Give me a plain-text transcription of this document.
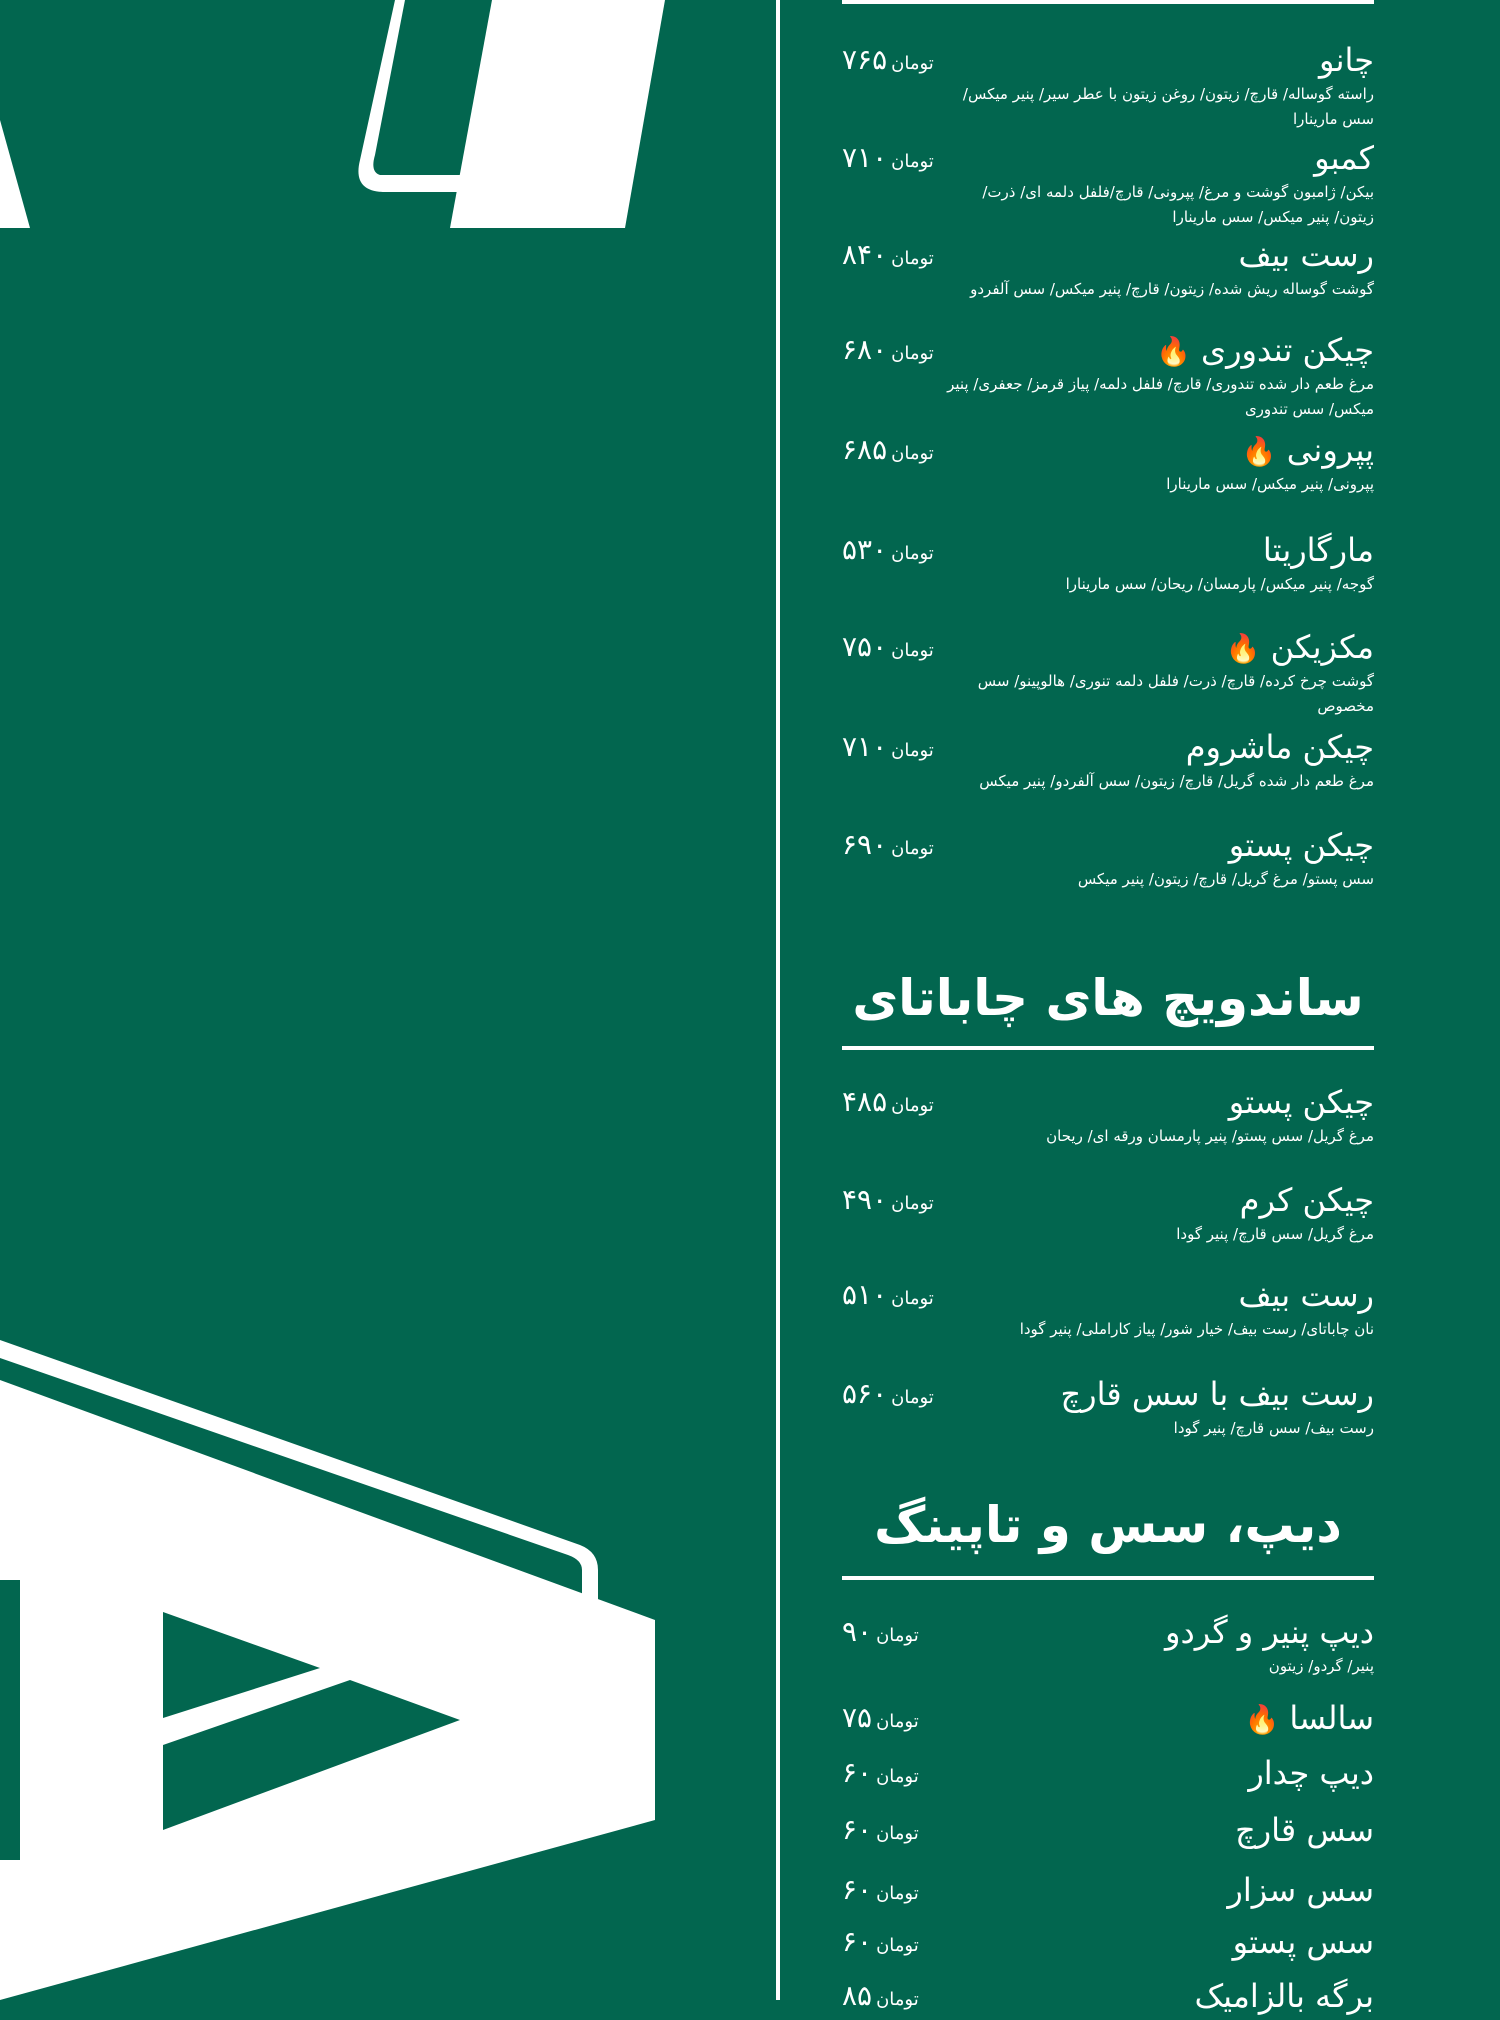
چانو
۷۶۵ تومان
راسته گوساله/ قارچ/ زیتون/ روغن زیتون با عطر سیر/ پنیر میکس/ سس مارینارا
کمبو
۷۱۰ تومان
بیکن/ ژامبون گوشت و مرغ/ پپرونی/ قارچ/فلفل دلمه ای/ ذرت/ زیتون/ پنیر میکس/ سس مارینارا
رست بیف
۸۴۰ تومان
گوشت گوساله ریش شده/ زیتون/ قارچ/ پنیر میکس/ سس آلفردو
چیکن تندوری🔥
۶۸۰ تومان
مرغ طعم دار شده تندوری/ قارچ/ فلفل دلمه/ پیاز قرمز/ جعفری/ پنیر میکس/ سس تندوری
پپرونی🔥
۶۸۵ تومان
پپرونی/ پنیر میکس/ سس مارینارا
مارگاریتا
۵۳۰ تومان
گوجه/ پنیر میکس/ پارمسان/ ریحان/ سس مارینارا
مکزیکن🔥
۷۵۰ تومان
گوشت چرخ کرده/ قارچ/ ذرت/ فلفل دلمه تنوری/ هالوپینو/ سس مخصوص
چیکن ماشروم
۷۱۰ تومان
مرغ طعم دار شده گریل/ قارچ/ زیتون/ سس آلفردو/ پنیر میکس
چیکن پستو
۶۹۰ تومان
سس پستو/ مرغ گریل/ قارچ/ زیتون/ پنیر میکس
ساندویچ های چاباتای
چیکن پستو
۴۸۵ تومان
مرغ گریل/ سس پستو/ پنیر پارمسان ورقه ای/ ریحان
چیکن کرم
۴۹۰ تومان
مرغ گریل/ سس قارچ/ پنیر گودا
رست بیف
۵۱۰ تومان
نان چاباتای/ رست بیف/ خیار شور/ پیاز کاراملی/ پنیر گودا
رست بیف با سس قارچ
۵۶۰ تومان
رست بیف/ سس قارچ/ پنیر گودا
دیپ، سس و تاپینگ
دیپ پنیر و گردو
۹۰ تومان
پنیر/ گردو/ زیتون
سالسا🔥
۷۵ تومان
دیپ چدار
۶۰ تومان
سس قارچ
۶۰ تومان
سس سزار
۶۰ تومان
سس پستو
۶۰ تومان
برگه بالزامیک
۸۵ تومان
